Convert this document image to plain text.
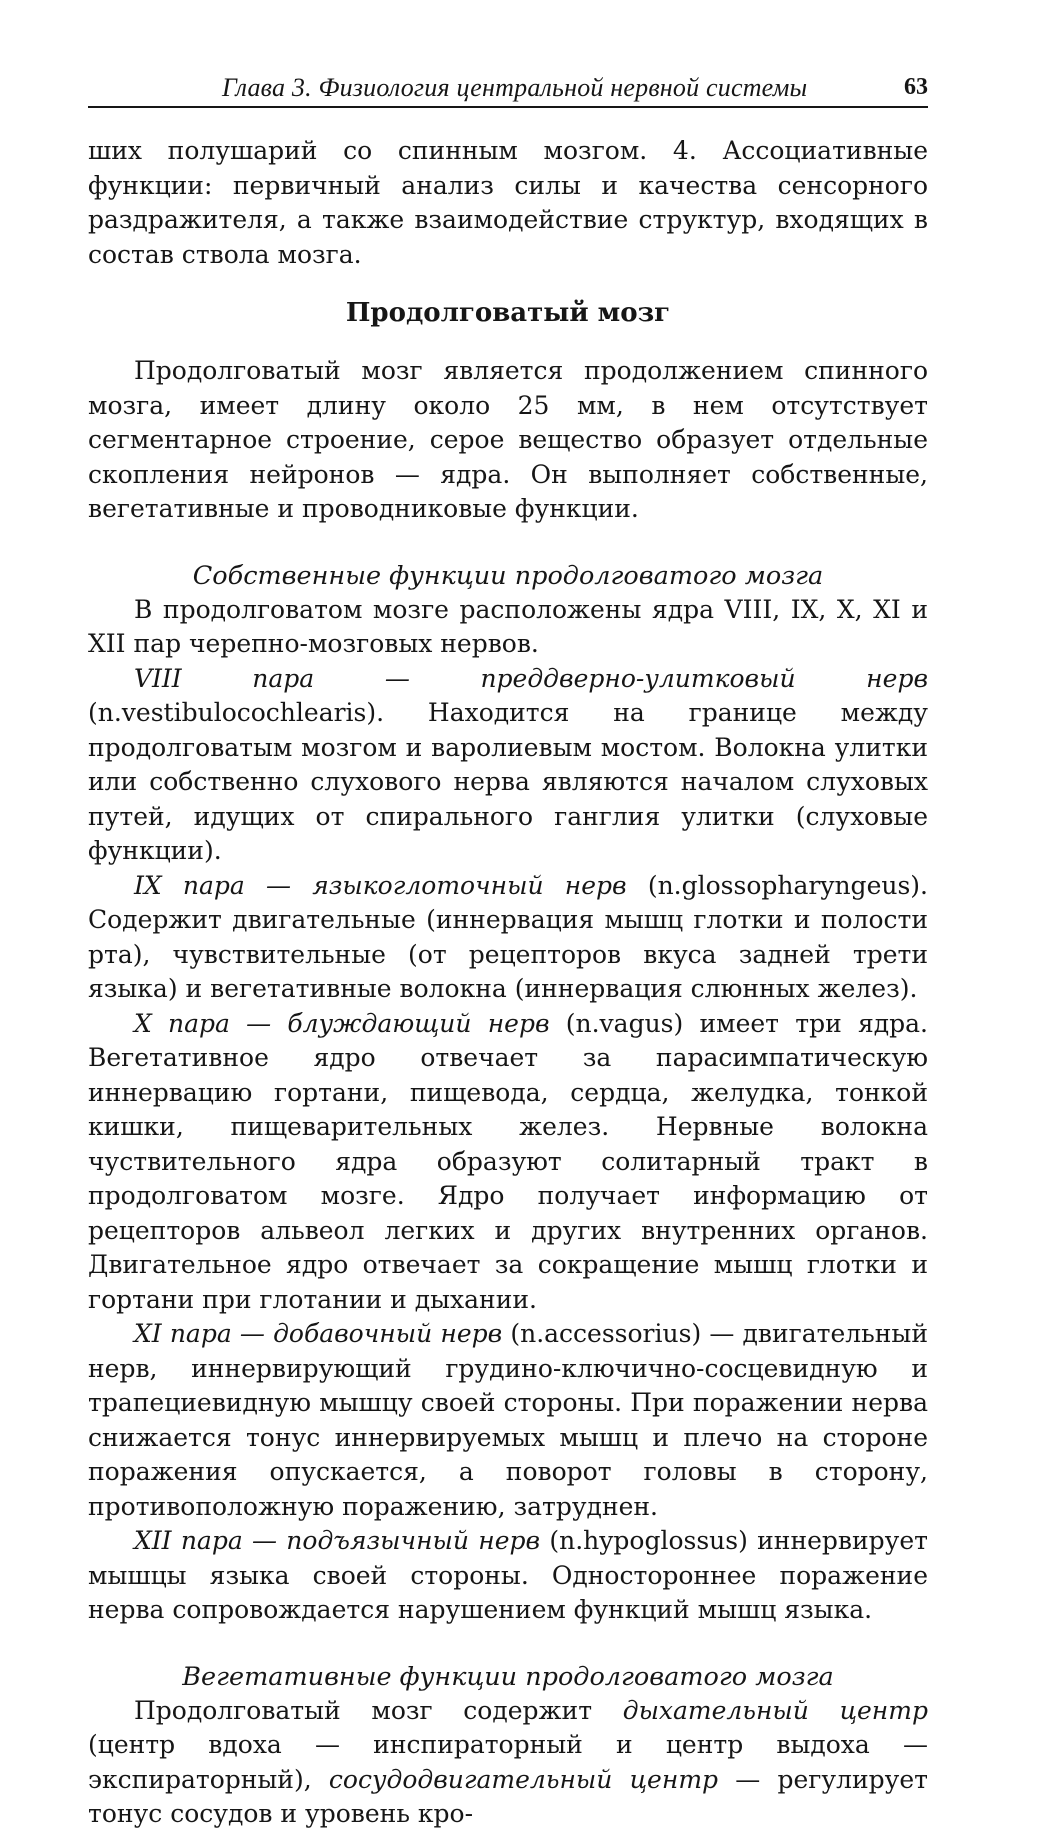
Глава 3. Физиология центральной нервной системы	63

ших полушарий со спинным мозгом. 4. Ассоциативные функции: первичный анализ силы и качества сенсорного раздражителя, а также взаимодействие структур, входящих в состав ствола мозга.

Продолговатый мозг

Продолговатый мозг является продолжением спинного мозга, имеет длину около 25 мм, в нем отсутствует сегментарное строение, серое вещество образует отдельные скопления нейронов — ядра. Он выполняет собственные, вегетативные и проводниковые функции.

Собственные функции продолговатого мозга

В продолговатом мозге расположены ядра VIII, IX, X, XI и XII пар черепно-мозговых нервов.

VIII пара — преддверно-улитковый нерв (n.vestibulocochlearis). Находится на границе между продолговатым мозгом и варолиевым мостом. Волокна улитки или собственно слухового нерва являются началом слуховых путей, идущих от спирального ганглия улитки (слуховые функции).

IX пара — языкоглоточный нерв (n.glossopharyngeus). Содержит двигательные (иннервация мышц глотки и полости рта), чувствительные (от рецепторов вкуса задней трети языка) и вегетативные волокна (иннервация слюнных желез).

X пара — блуждающий нерв (n.vagus) имеет три ядра. Вегетативное ядро отвечает за парасимпатическую иннервацию гортани, пищевода, сердца, желудка, тонкой кишки, пищеварительных желез. Нервные волокна чуствительного ядра образуют солитарный тракт в продолговатом мозге. Ядро получает информацию от рецепторов альвеол легких и других внутренних органов. Двигательное ядро отвечает за сокращение мышц глотки и гортани при глотании и дыхании.

XI пара — добавочный нерв (n.accessorius) — двигательный нерв, иннервирующий грудино-ключично-сосцевидную и трапециевидную мышцу своей стороны. При поражении нерва снижается тонус иннервируемых мышц и плечо на стороне поражения опускается, а поворот головы в сторону, противоположную поражению, затруднен.

XII пара — подъязычный нерв (n.hypoglossus) иннервирует мышцы языка своей стороны. Одностороннее поражение нерва сопровождается нарушением функций мышц языка.

Вегетативные функции продолговатого мозга

Продолговатый мозг содержит дыхательный центр (центр вдоха — инспираторный и центр выдоха — экспираторный), сосудодвигательный центр — регулирует тонус сосудов и уровень кро-
